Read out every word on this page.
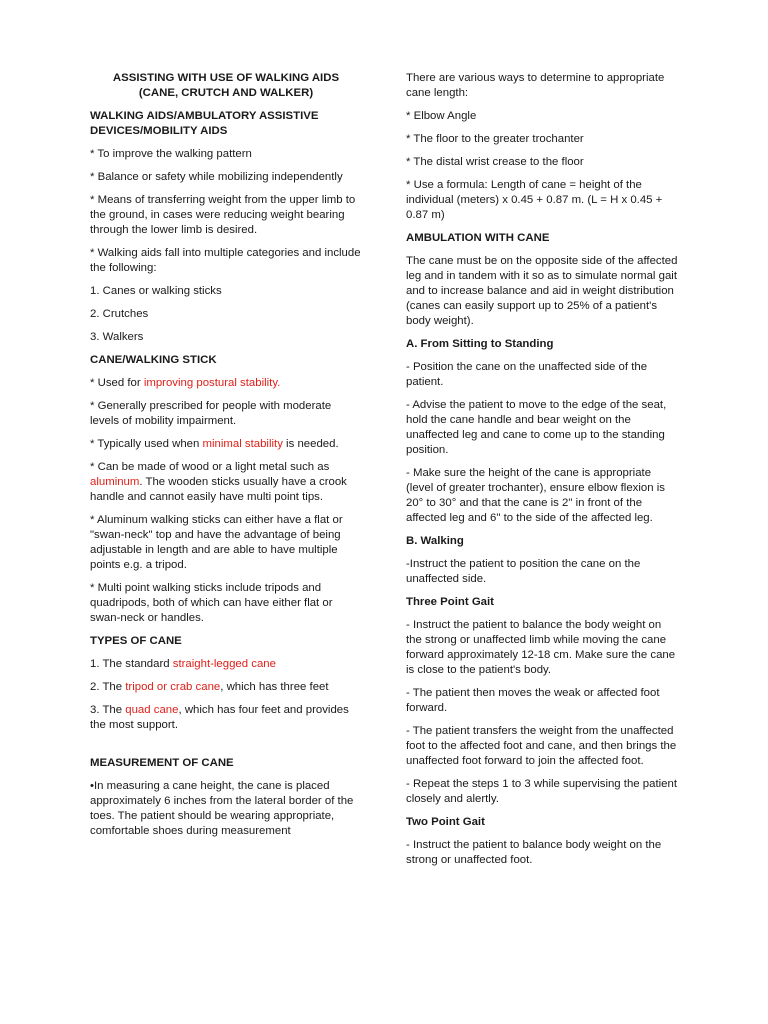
ASSISTING WITH USE OF WALKING AIDS
(CANE, CRUTCH AND WALKER)
WALKING AIDS/AMBULATORY ASSISTIVE DEVICES/MOBILITY AIDS

* To improve the walking pattern

* Balance or safety while mobilizing independently

* Means of transferring weight from the upper limb to the ground, in cases were reducing weight bearing through the lower limb is desired.

* Walking aids fall into multiple categories and include the following:

1. Canes or walking sticks

2. Crutches

3. Walkers

CANE/WALKING STICK

* Used for improving postural stability.

* Generally prescribed for people with moderate levels of mobility impairment.

* Typically used when minimal stability is needed.

* Can be made of wood or a light metal such as aluminum. The wooden sticks usually have a crook handle and cannot easily have multi point tips.

* Aluminum walking sticks can either have a flat or "swan-neck" top and have the advantage of being adjustable in length and are able to have multiple points e.g. a tripod.

* Multi point walking sticks include tripods and quadripods, both of which can have either flat or swan-neck or handles.

TYPES OF CANE

1. The standard straight-legged cane

2. The tripod or crab cane, which has three feet

3. The quad cane, which has four feet and provides the most support.

MEASUREMENT OF CANE

•In measuring a cane height, the cane is placed approximately 6 inches from the lateral border of the toes. The patient should be wearing appropriate, comfortable shoes during measurement

There are various ways to determine to appropriate cane length:

* Elbow Angle

* The floor to the greater trochanter

* The distal wrist crease to the floor

* Use a formula: Length of cane = height of the individual (meters) x 0.45 + 0.87 m. (L = H x 0.45 + 0.87 m)

AMBULATION WITH CANE

The cane must be on the opposite side of the affected leg and in tandem with it so as to simulate normal gait and to increase balance and aid in weight distribution (canes can easily support up to 25% of a patient's body weight).

A. From Sitting to Standing

- Position the cane on the unaffected side of the patient.

- Advise the patient to move to the edge of the seat, hold the cane handle and bear weight on the unaffected leg and cane to come up to the standing position.

- Make sure the height of the cane is appropriate (level of greater trochanter), ensure elbow flexion is 20° to 30° and that the cane is 2" in front of the affected leg and 6" to the side of the affected leg.

B. Walking

-Instruct the patient to position the cane on the unaffected side.

Three Point Gait

- Instruct the patient to balance the body weight on the strong or unaffected limb while moving the cane forward approximately 12-18 cm. Make sure the cane is close to the patient's body.

- The patient then moves the weak or affected foot forward.

- The patient transfers the weight from the unaffected foot to the affected foot and cane, and then brings the unaffected foot forward to join the affected foot.

- Repeat the steps 1 to 3 while supervising the patient closely and alertly.

Two Point Gait

- Instruct the patient to balance body weight on the strong or unaffected foot.
